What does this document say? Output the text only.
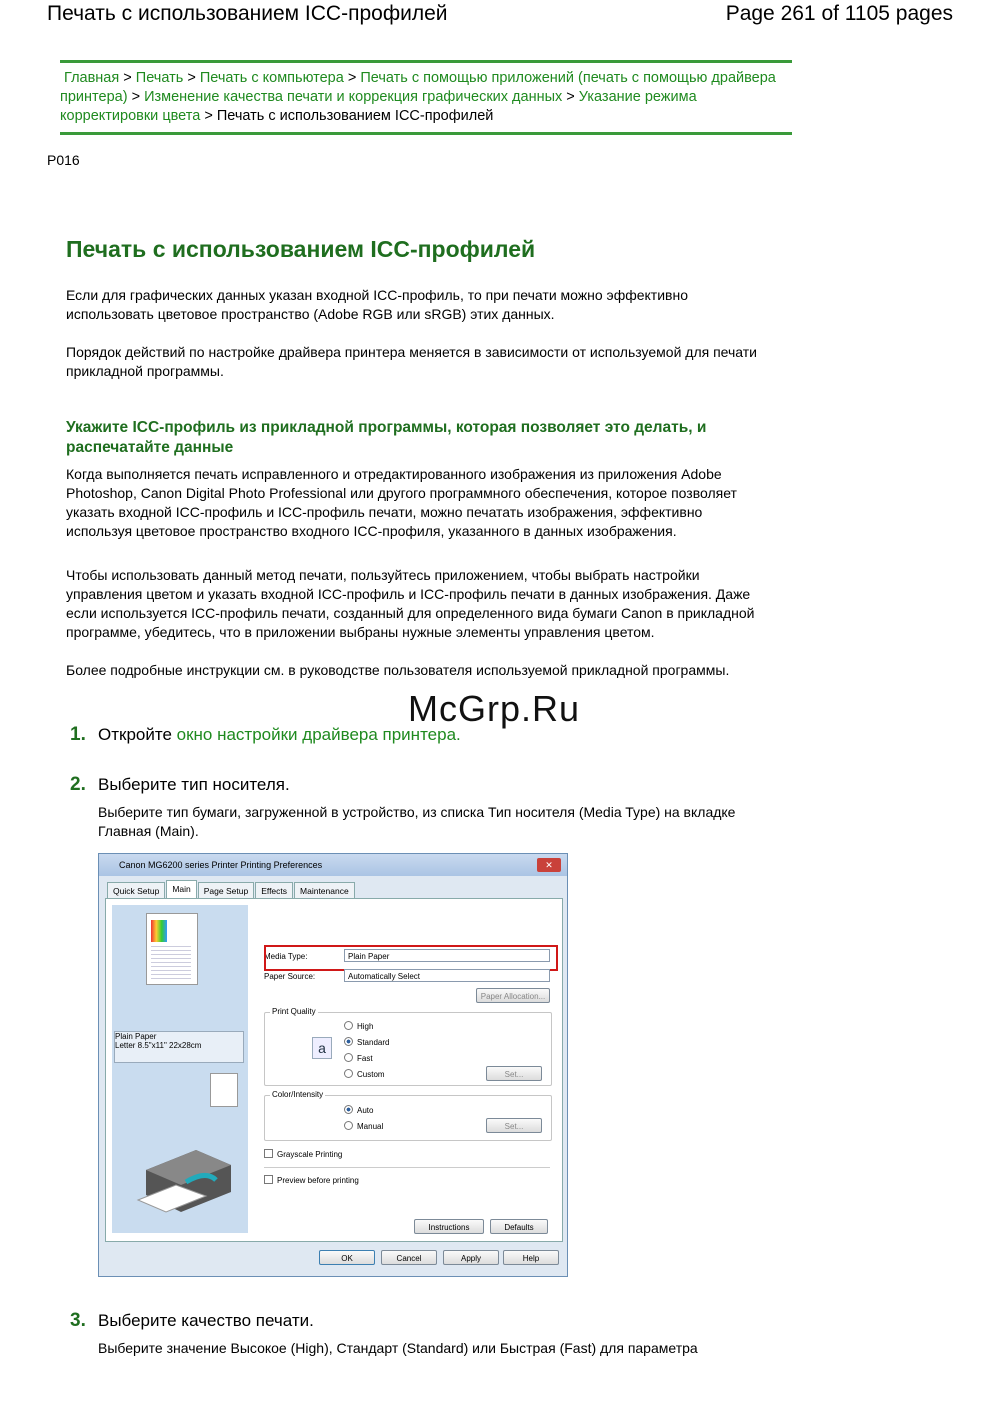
Печать с использованием ICC-профилей	Page 261 of 1105 pages
Главная > Печать > Печать с компьютера > Печать с помощью приложений (печать с помощью драйвера принтера) > Изменение качества печати и коррекция графических данных > Указание режима корректировки цвета > Печать с использованием ICC-профилей
P016
Печать с использованием ICC-профилей
Если для графических данных указан входной ICC-профиль, то при печати можно эффективно использовать цветовое пространство (Adobe RGB или sRGB) этих данных.
Порядок действий по настройке драйвера принтера меняется в зависимости от используемой для печати прикладной программы.
Укажите ICC-профиль из прикладной программы, которая позволяет это делать, и распечатайте данные
Когда выполняется печать исправленного и отредактированного изображения из приложения Adobe Photoshop, Canon Digital Photo Professional или другого программного обеспечения, которое позволяет указать входной ICC-профиль и ICC-профиль печати, можно печатать изображения, эффективно используя цветовое пространство входного ICC-профиля, указанного в данных изображения.
Чтобы использовать данный метод печати, пользуйтесь приложением, чтобы выбрать настройки управления цветом и указать входной ICC-профиль и ICC-профиль печати в данных изображения. Даже если используется ICC-профиль печати, созданный для определенного вида бумаги Canon в прикладной программе, убедитесь, что в приложении выбраны нужные элементы управления цветом.
Более подробные инструкции см. в руководстве пользователя используемой прикладной программы.
McGrp.Ru
1. Откройте окно настройки драйвера принтера.
2. Выберите тип носителя.
Выберите тип бумаги, загруженной в устройство, из списка Тип носителя (Media Type) на вкладке Главная (Main).
Canon MG6200 series Printer Printing Preferences	✕
Quick Setup Main Page Setup Effects Maintenance
Plain Paper
Letter 8.5"x11" 22x28cm
Media Type:	Plain Paper
Paper Source:	Automatically Select
Paper Allocation...
Print Quality
a
High
Standard
Fast
Custom	Set...
Color/Intensity
Auto
Manual	Set...
Grayscale Printing
Preview before printing
Instructions	Defaults
OK	Cancel	Apply	Help
3. Выберите качество печати.
Выберите значение Высокое (High), Стандарт (Standard) или Быстрая (Fast) для параметра
